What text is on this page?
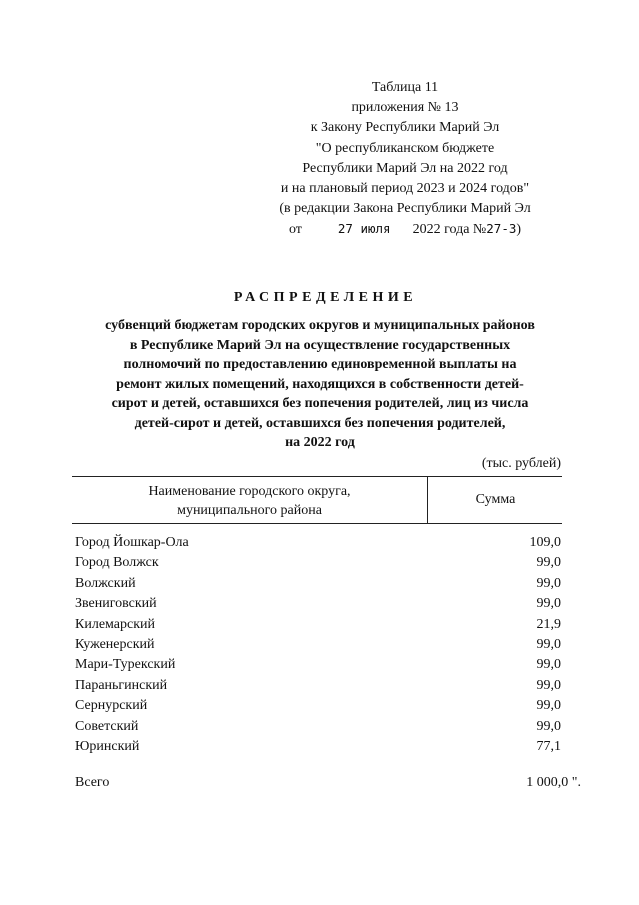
Таблица 11
приложения № 13
к Закону Республики Марий Эл
"О республиканском бюджете
Республики Марий Эл на 2022 год
и на плановый период 2023 и 2024 годов"
(в редакции Закона Республики Марий Эл
от	27 июля 2022 года №27-З)
РАСПРЕДЕЛЕНИЕ
субвенций бюджетам городских округов и муниципальных районов
в Республике Марий Эл на осуществление государственных
полномочий по предоставлению единовременной выплаты на
ремонт жилых помещений, находящихся в собственности детей-
сирот и детей, оставшихся без попечения родителей, лиц из числа
детей-сирот и детей, оставшихся без попечения родителей,
на 2022 год
(тыс. рублей)
Наименование городского округа,
муниципального района
Сумма
Город Йошкар-Ола	109,0
Город Волжск	99,0
Волжский	99,0
Звениговский	99,0
Килемарский	21,9
Куженерский	99,0
Мари-Турекский	99,0
Параньгинский	99,0
Сернурский	99,0
Советский	99,0
Юринский	77,1
Всего	1 000,0 ".
